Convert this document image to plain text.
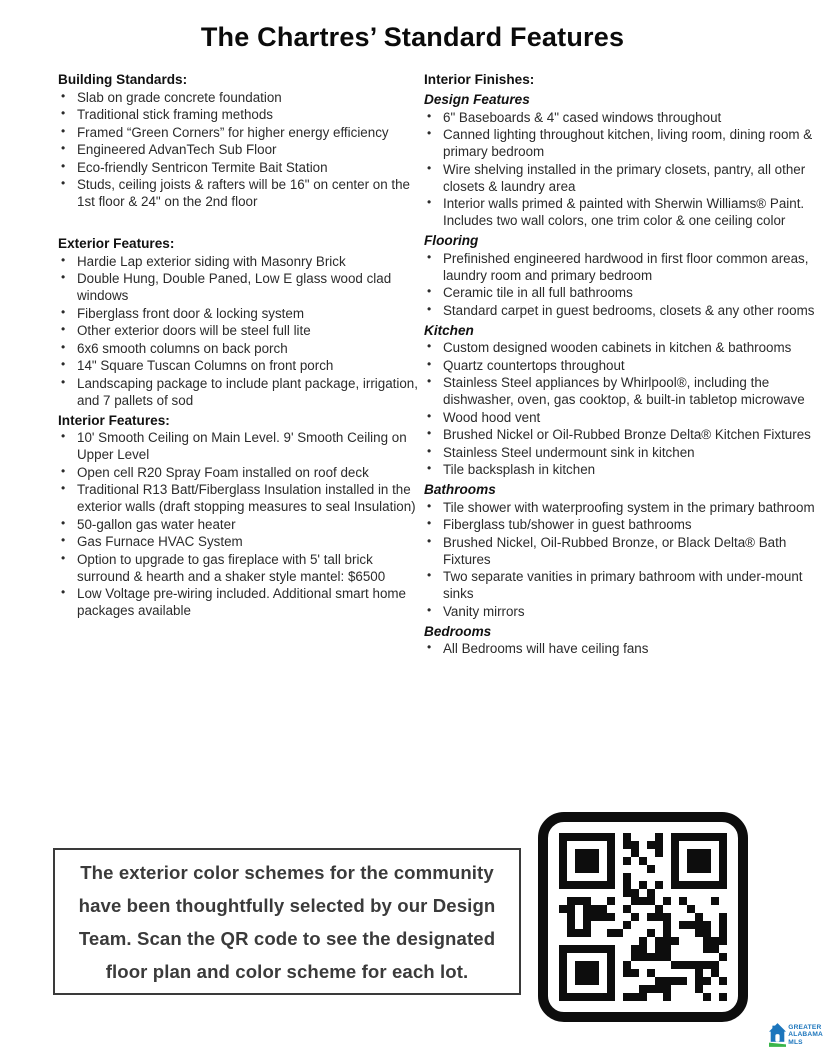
The Chartres’ Standard Features
Building Standards:
• Slab on grade concrete foundation
• Traditional stick framing methods
• Framed “Green Corners” for higher energy efficiency
• Engineered AdvanTech Sub Floor
• Eco-friendly Sentricon Termite Bait Station
• Studs, ceiling joists & rafters will be 16" on center on the 1st floor & 24" on the 2nd floor
Exterior Features:
• Hardie Lap exterior siding with Masonry Brick
• Double Hung, Double Paned, Low E glass wood clad windows
• Fiberglass front door & locking system
• Other exterior doors will be steel full lite
• 6x6 smooth columns on back porch
• 14" Square Tuscan Columns on front porch
• Landscaping package to include plant package, irrigation, and 7 pallets of sod
Interior Features:
• 10' Smooth Ceiling on Main Level. 9' Smooth Ceiling on Upper Level
• Open cell R20 Spray Foam installed on roof deck
• Traditional R13 Batt/Fiberglass Insulation installed in the exterior walls (draft stopping measures to seal Insulation)
• 50-gallon gas water heater
• Gas Furnace HVAC System
• Option to upgrade to gas fireplace with 5' tall brick surround & hearth and a shaker style mantel: $6500
• Low Voltage pre-wiring included. Additional smart home packages available
Interior Finishes:
Design Features
• 6" Baseboards & 4" cased windows throughout
• Canned lighting throughout kitchen, living room, dining room & primary bedroom
• Wire shelving installed in the primary closets, pantry, all other closets & laundry area
• Interior walls primed & painted with Sherwin Williams® Paint. Includes two wall colors, one trim color & one ceiling color
Flooring
• Prefinished engineered hardwood in first floor common areas, laundry room and primary bedroom
• Ceramic tile in all full bathrooms
• Standard carpet in guest bedrooms, closets & any other rooms
Kitchen
• Custom designed wooden cabinets in kitchen & bathrooms
• Quartz countertops throughout
• Stainless Steel appliances by Whirlpool®, including the dishwasher, oven, gas cooktop, & built-in tabletop microwave
• Wood hood vent
• Brushed Nickel or Oil-Rubbed Bronze Delta® Kitchen Fixtures
• Stainless Steel undermount sink in kitchen
• Tile backsplash in kitchen
Bathrooms
• Tile shower with waterproofing system in the primary bathroom
• Fiberglass tub/shower in guest bathrooms
• Brushed Nickel, Oil-Rubbed Bronze, or Black Delta® Bath Fixtures
• Two separate vanities in primary bathroom with under-mount sinks
• Vanity mirrors
Bedrooms
• All Bedrooms will have ceiling fans
The exterior color schemes for the community have been thoughtfully selected by our Design Team. Scan the QR code to see the designated floor plan and color scheme for each lot.
GREATER
ALABAMA
MLS
